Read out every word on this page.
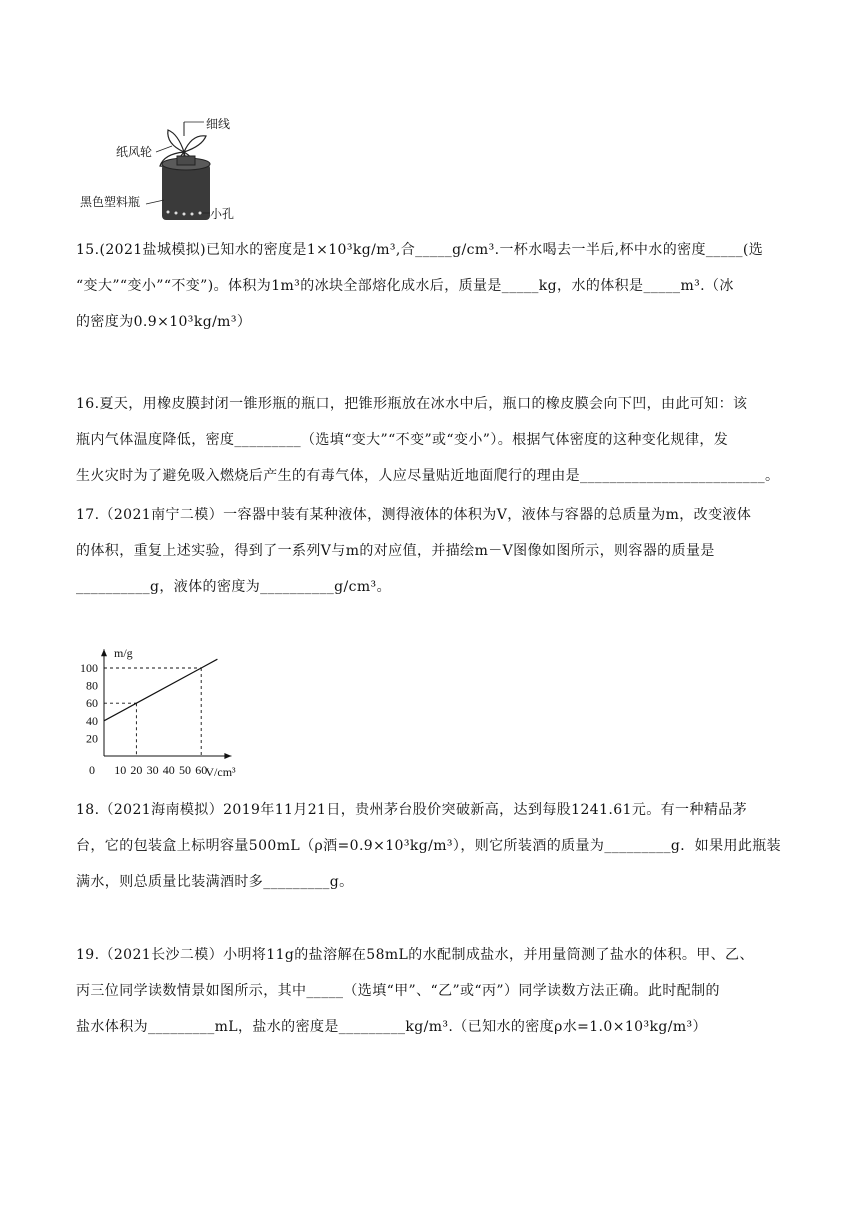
细线
纸风轮
黑色塑料瓶
小孔

15.(2021盐城模拟)已知水的密度是1×10³kg/m³,合_____g/cm³.一杯水喝去一半后,杯中水的密度_____(选

“变大”“变小”“不变”)。体积为1m³的冰块全部熔化成水后，质量是_____kg，水的体积是_____m³.（冰

的密度为0.9×10³kg/m³）

16.夏天，用橡皮膜封闭一锥形瓶的瓶口，把锥形瓶放在冰水中后，瓶口的橡皮膜会向下凹，由此可知：该

瓶内气体温度降低，密度_________（选填“变大”“不变”或“变小”）。根据气体密度的这种变化规律，发

生火灾时为了避免吸入燃烧后产生的有毒气体，人应尽量贴近地面爬行的理由是_________________________。

17.（2021南宁二模）一容器中装有某种液体，测得液体的体积为V，液体与容器的总质量为m，改变液体

的体积，重复上述实验，得到了一系列V与m的对应值，并描绘m－V图像如图所示，则容器的质量是

__________g，液体的密度为__________g/cm³。

0 10 20 30 40 50 60
20
40
60
80
100
m/g
V/cm³

18.（2021海南模拟）2019年11月21日，贵州茅台股价突破新高，达到每股1241.61元。有一种精品茅

台，它的包装盒上标明容量500mL（ρ酒=0.9×10³kg/m³），则它所装酒的质量为_________g．如果用此瓶装

满水，则总质量比装满酒时多_________g。

19.（2021长沙二模）小明将11g的盐溶解在58mL的水配制成盐水，并用量筒测了盐水的体积。甲、乙、

丙三位同学读数情景如图所示，其中_____（选填“甲”、“乙”或“丙”）同学读数方法正确。此时配制的

盐水体积为_________mL，盐水的密度是_________kg/m³.（已知水的密度ρ水=1.0×10³kg/m³）
